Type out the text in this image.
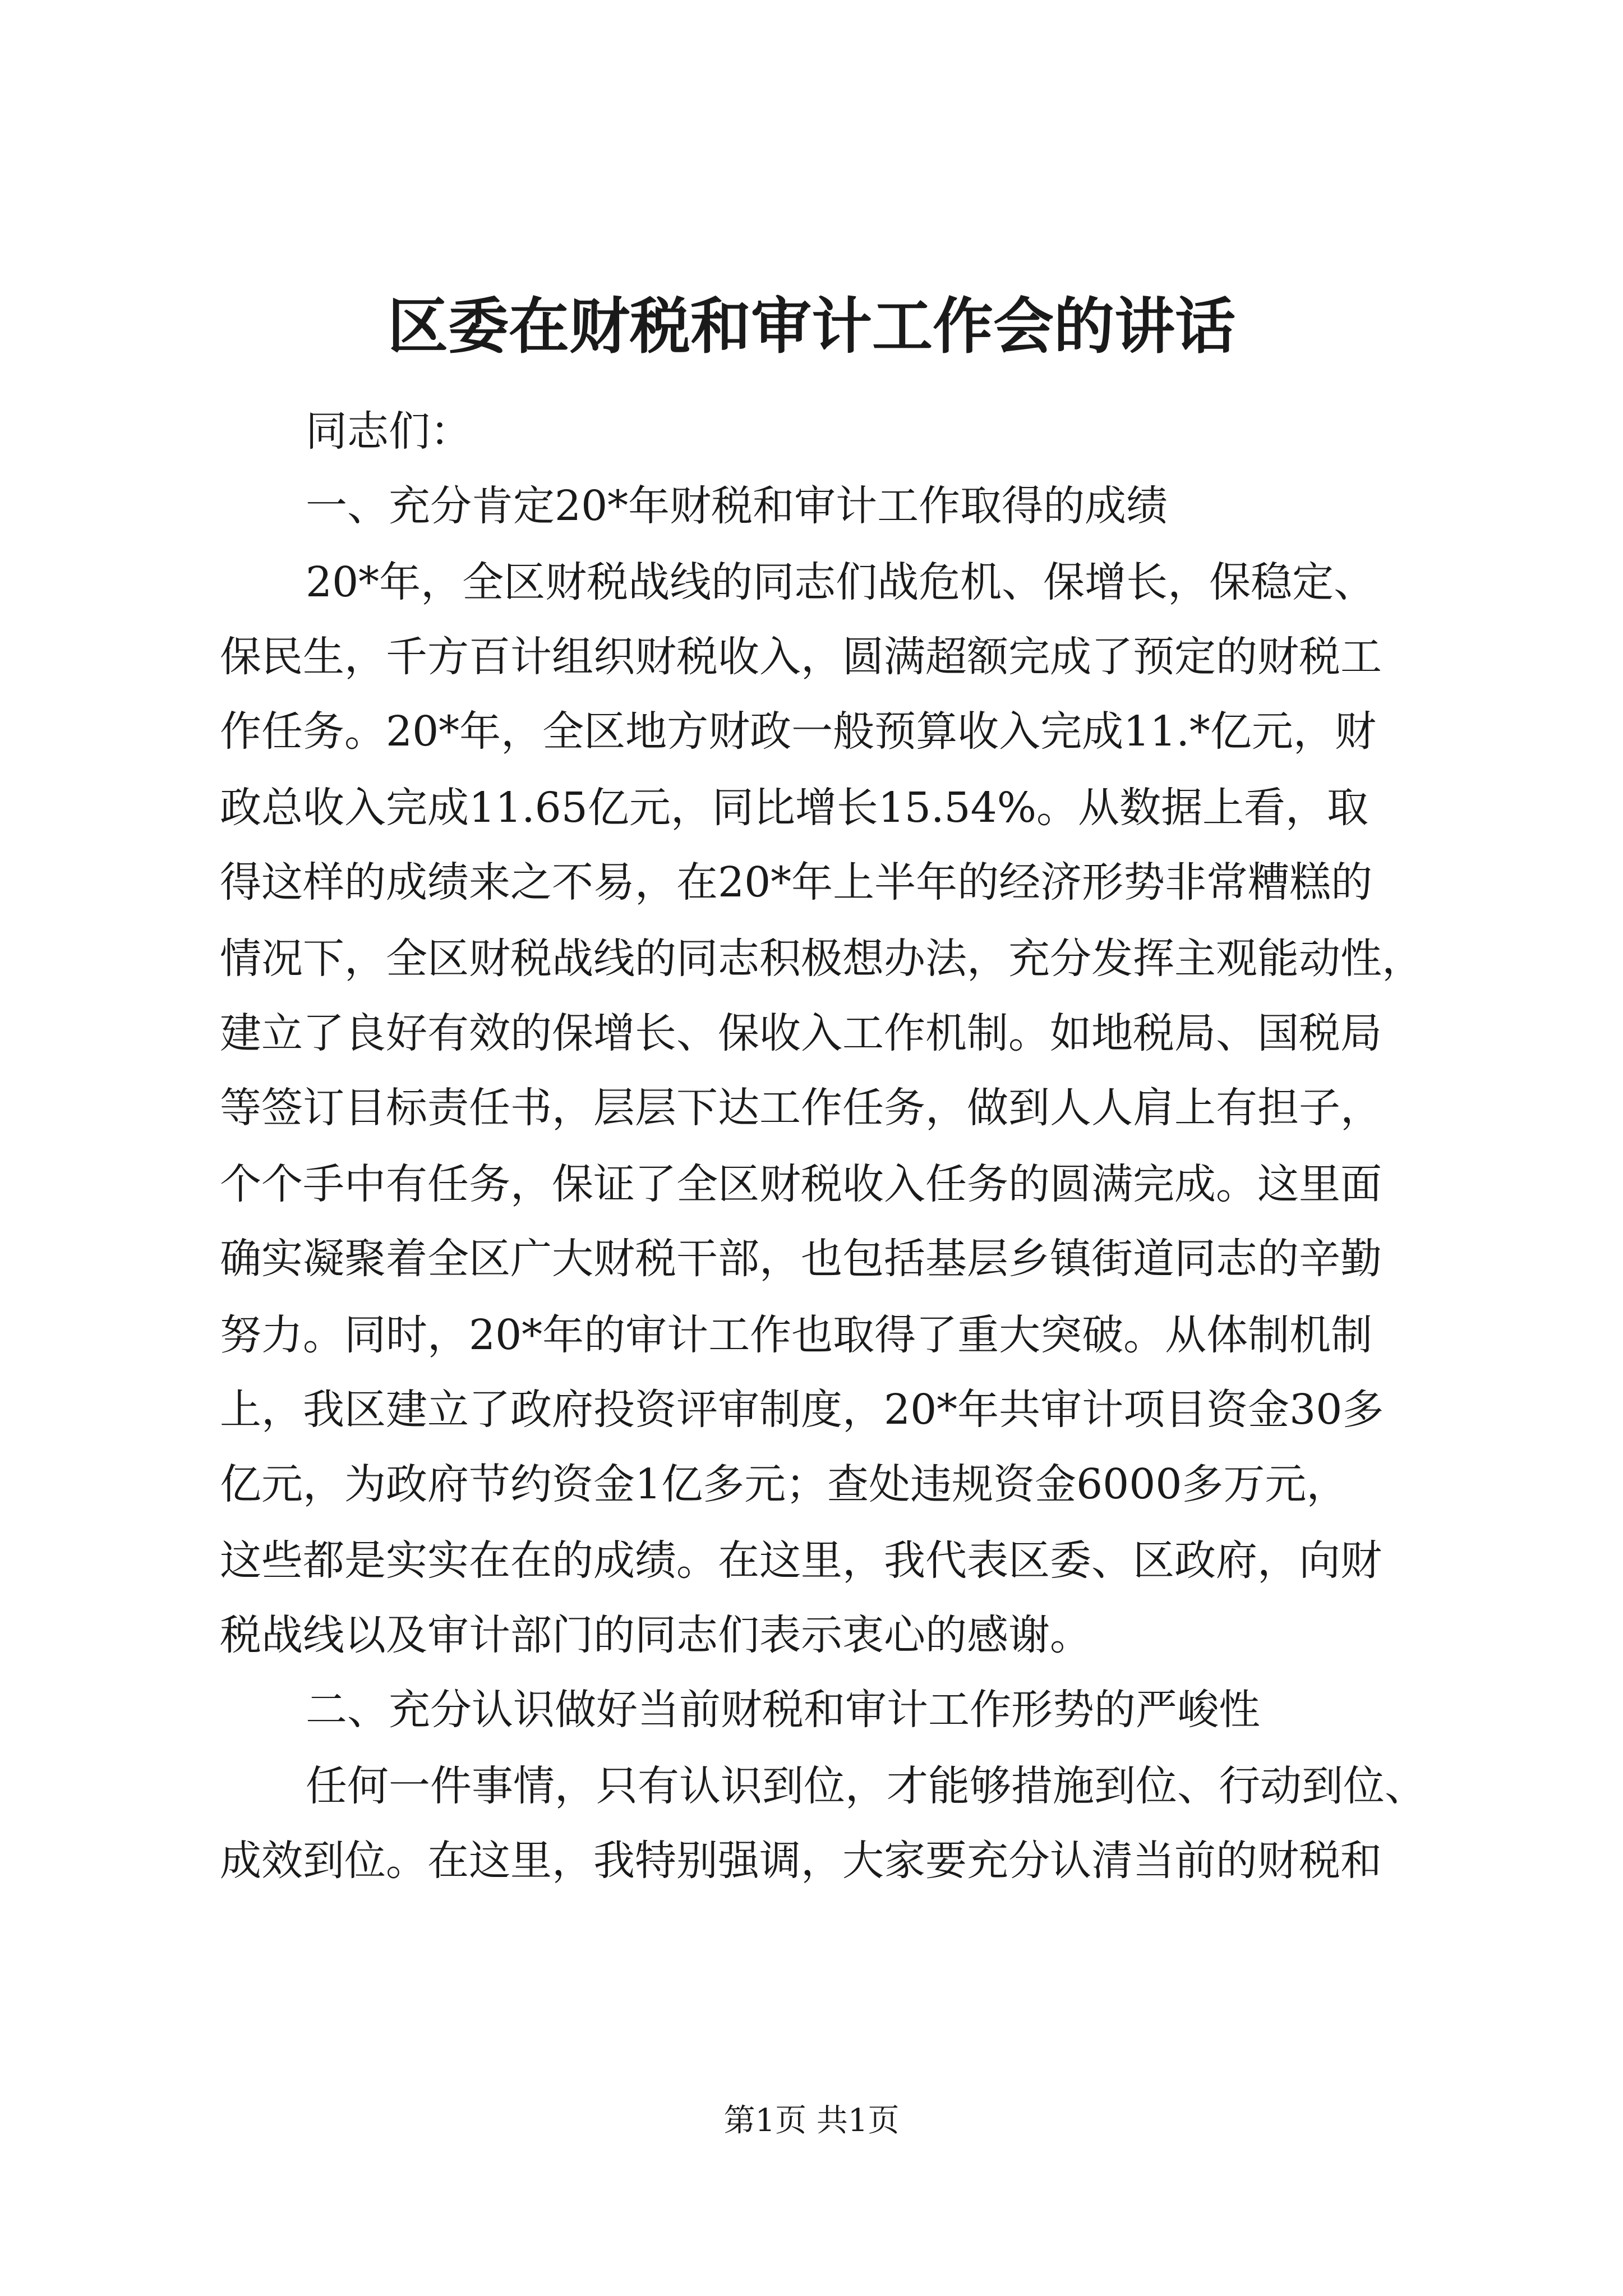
区委在财税和审计工作会的讲话
同志们：
一、充分肯定20*年财税和审计工作取得的成绩
20*年，全区财税战线的同志们战危机、保增长，保稳定、
保民生，千方百计组织财税收入，圆满超额完成了预定的财税工
作任务。20*年，全区地方财政一般预算收入完成11.*亿元，财
政总收入完成11.65亿元，同比增长15.54%。从数据上看，取
得这样的成绩来之不易，在20*年上半年的经济形势非常糟糕的
情况下，全区财税战线的同志积极想办法，充分发挥主观能动性，
建立了良好有效的保增长、保收入工作机制。如地税局、国税局
等签订目标责任书，层层下达工作任务，做到人人肩上有担子，
个个手中有任务，保证了全区财税收入任务的圆满完成。这里面
确实凝聚着全区广大财税干部，也包括基层乡镇街道同志的辛勤
努力。同时，20*年的审计工作也取得了重大突破。从体制机制
上，我区建立了政府投资评审制度，20*年共审计项目资金30多
亿元，为政府节约资金1亿多元；查处违规资金6000多万元，
这些都是实实在在的成绩。在这里，我代表区委、区政府，向财
税战线以及审计部门的同志们表示衷心的感谢。
二、充分认识做好当前财税和审计工作形势的严峻性
任何一件事情，只有认识到位，才能够措施到位、行动到位、
成效到位。在这里，我特别强调，大家要充分认清当前的财税和
第1页 共1页
